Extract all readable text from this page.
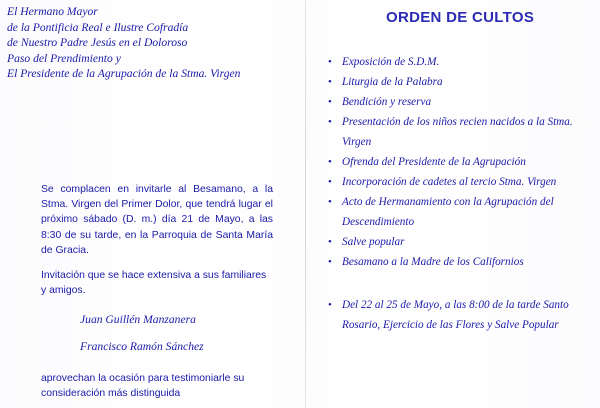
El Hermano Mayor
de la Pontificia Real e Ilustre Cofradía
de Nuestro Padre Jesús en el Doloroso
Paso del Prendimiento y
El Presidente de la Agrupación de la Stma. Virgen
Se complacen en invitarle al Besamano, a la Stma. Virgen del Primer Dolor, que tendrá lugar el próximo sábado (D. m.) día 21 de Mayo, a las 8:30 de su tarde, en la Parroquia de Santa María de Gracia.
Invitación que se hace extensiva a sus familiares y amigos.
Juan Guillén Manzanera
Francisco Ramón Sánchez
aprovechan la ocasión para testimoniarle su consideración más distinguida
ORDEN DE CULTOS
• Exposición de S.D.M.
• Liturgia de la Palabra
• Bendición y reserva
• Presentación de los niños recien nacidos a la Stma. Virgen
• Ofrenda del Presidente de la Agrupación
• Incorporación de cadetes al tercio Stma. Virgen
• Acto de Hermanamiento con la Agrupación del Descendimiento
• Salve popular
• Besamano a la Madre de los Californios
• Del 22 al 25 de Mayo, a las 8:00 de la tarde Santo Rosario, Ejercicio de las Flores y Salve Popular
